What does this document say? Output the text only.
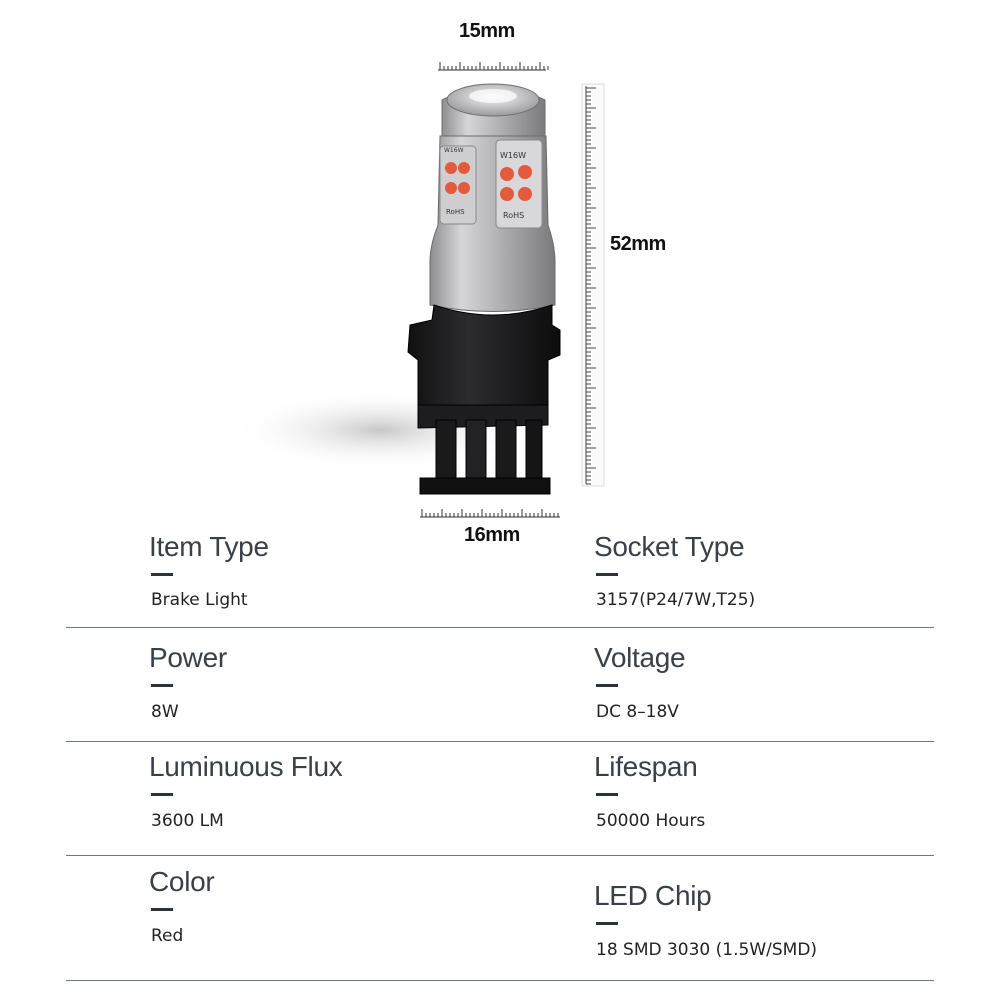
W16W
RoHS
W16W
RoHS
15mm
52mm
16mm
Item Type
Brake Light
Socket Type
3157(P24/7W,T25)
Power
8W
Voltage
DC 8–18V
Luminuous Flux
3600 LM
Lifespan
50000 Hours
Color
Red
LED Chip
18 SMD 3030 (1.5W/SMD)
